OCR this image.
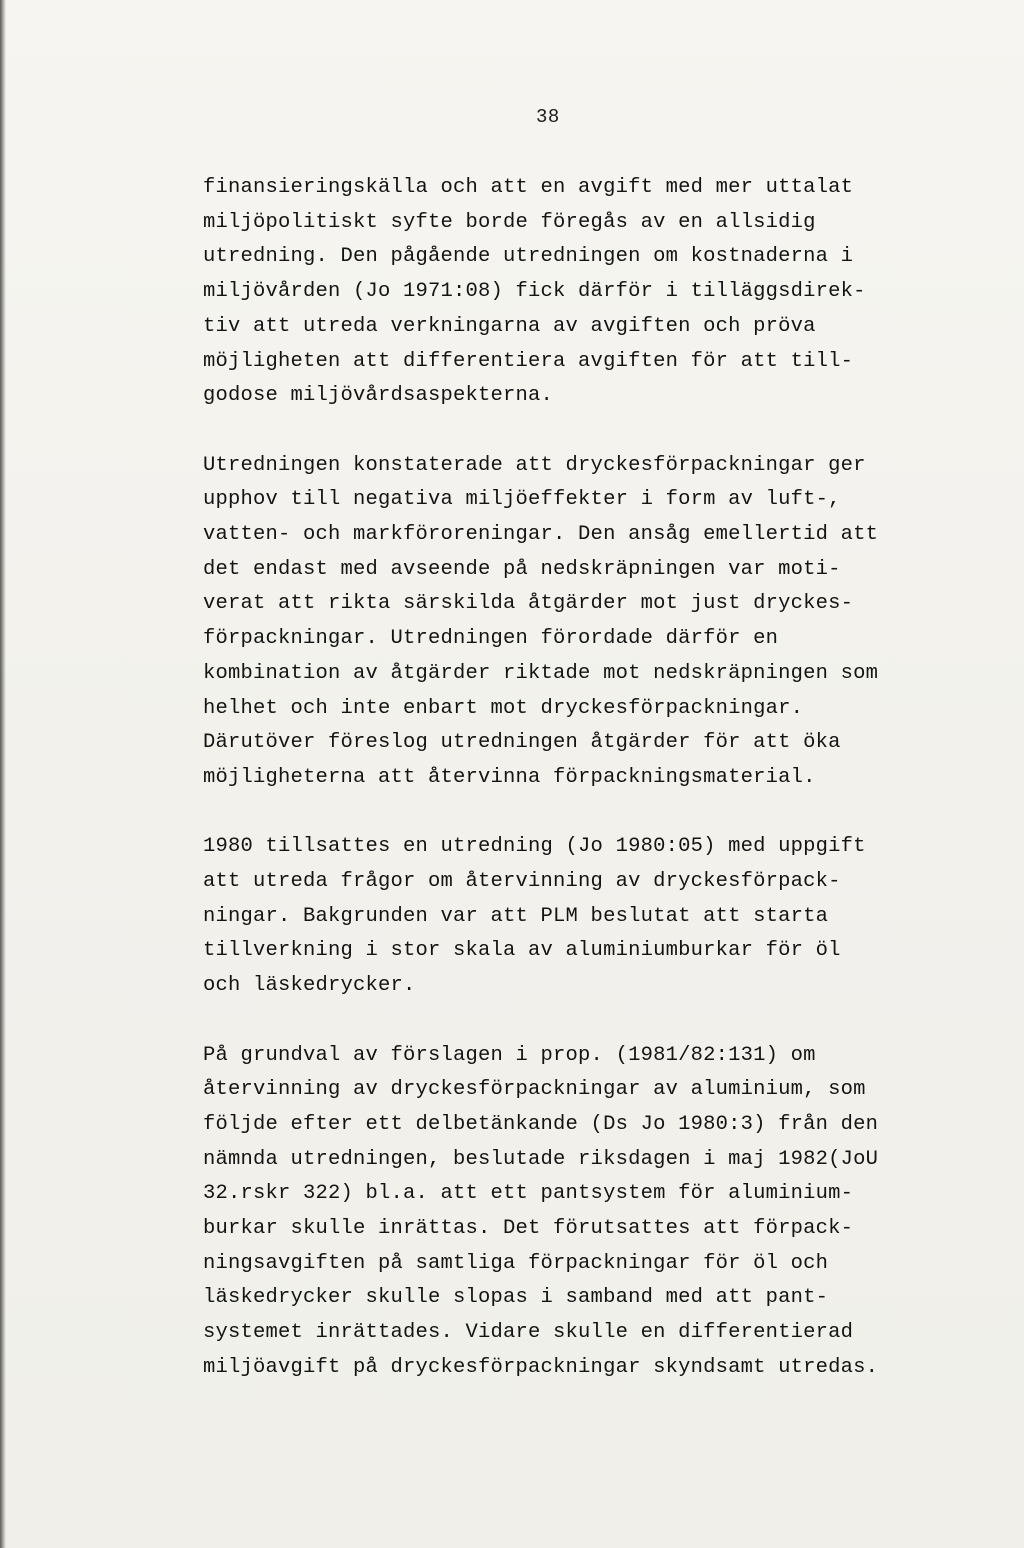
38

finansieringskälla och att en avgift med mer uttalat
miljöpolitiskt syfte borde föregås av en allsidig
utredning. Den pågående utredningen om kostnaderna i
miljövården (Jo 1971:08) fick därför i tilläggsdirek-
tiv att utreda verkningarna av avgiften och pröva
möjligheten att differentiera avgiften för att till-
godose miljövårdsaspekterna.

Utredningen konstaterade att dryckesförpackningar ger
upphov till negativa miljöeffekter i form av luft-,
vatten- och markföroreningar. Den ansåg emellertid att
det endast med avseende på nedskräpningen var moti-
verat att rikta särskilda åtgärder mot just dryckes-
förpackningar. Utredningen förordade därför en
kombination av åtgärder riktade mot nedskräpningen som
helhet och inte enbart mot dryckesförpackningar.
Därutöver föreslog utredningen åtgärder för att öka
möjligheterna att återvinna förpackningsmaterial.

1980 tillsattes en utredning (Jo 1980:05) med uppgift
att utreda frågor om återvinning av dryckesförpack-
ningar. Bakgrunden var att PLM beslutat att starta
tillverkning i stor skala av aluminiumburkar för öl
och läskedrycker.

På grundval av förslagen i prop. (1981/82:131) om
återvinning av dryckesförpackningar av aluminium, som
följde efter ett delbetänkande (Ds Jo 1980:3) från den
nämnda utredningen, beslutade riksdagen i maj 1982(JoU
32.rskr 322) bl.a. att ett pantsystem för aluminium-
burkar skulle inrättas. Det förutsattes att förpack-
ningsavgiften på samtliga förpackningar för öl och
läskedrycker skulle slopas i samband med att pant-
systemet inrättades. Vidare skulle en differentierad
miljöavgift på dryckesförpackningar skyndsamt utredas.
